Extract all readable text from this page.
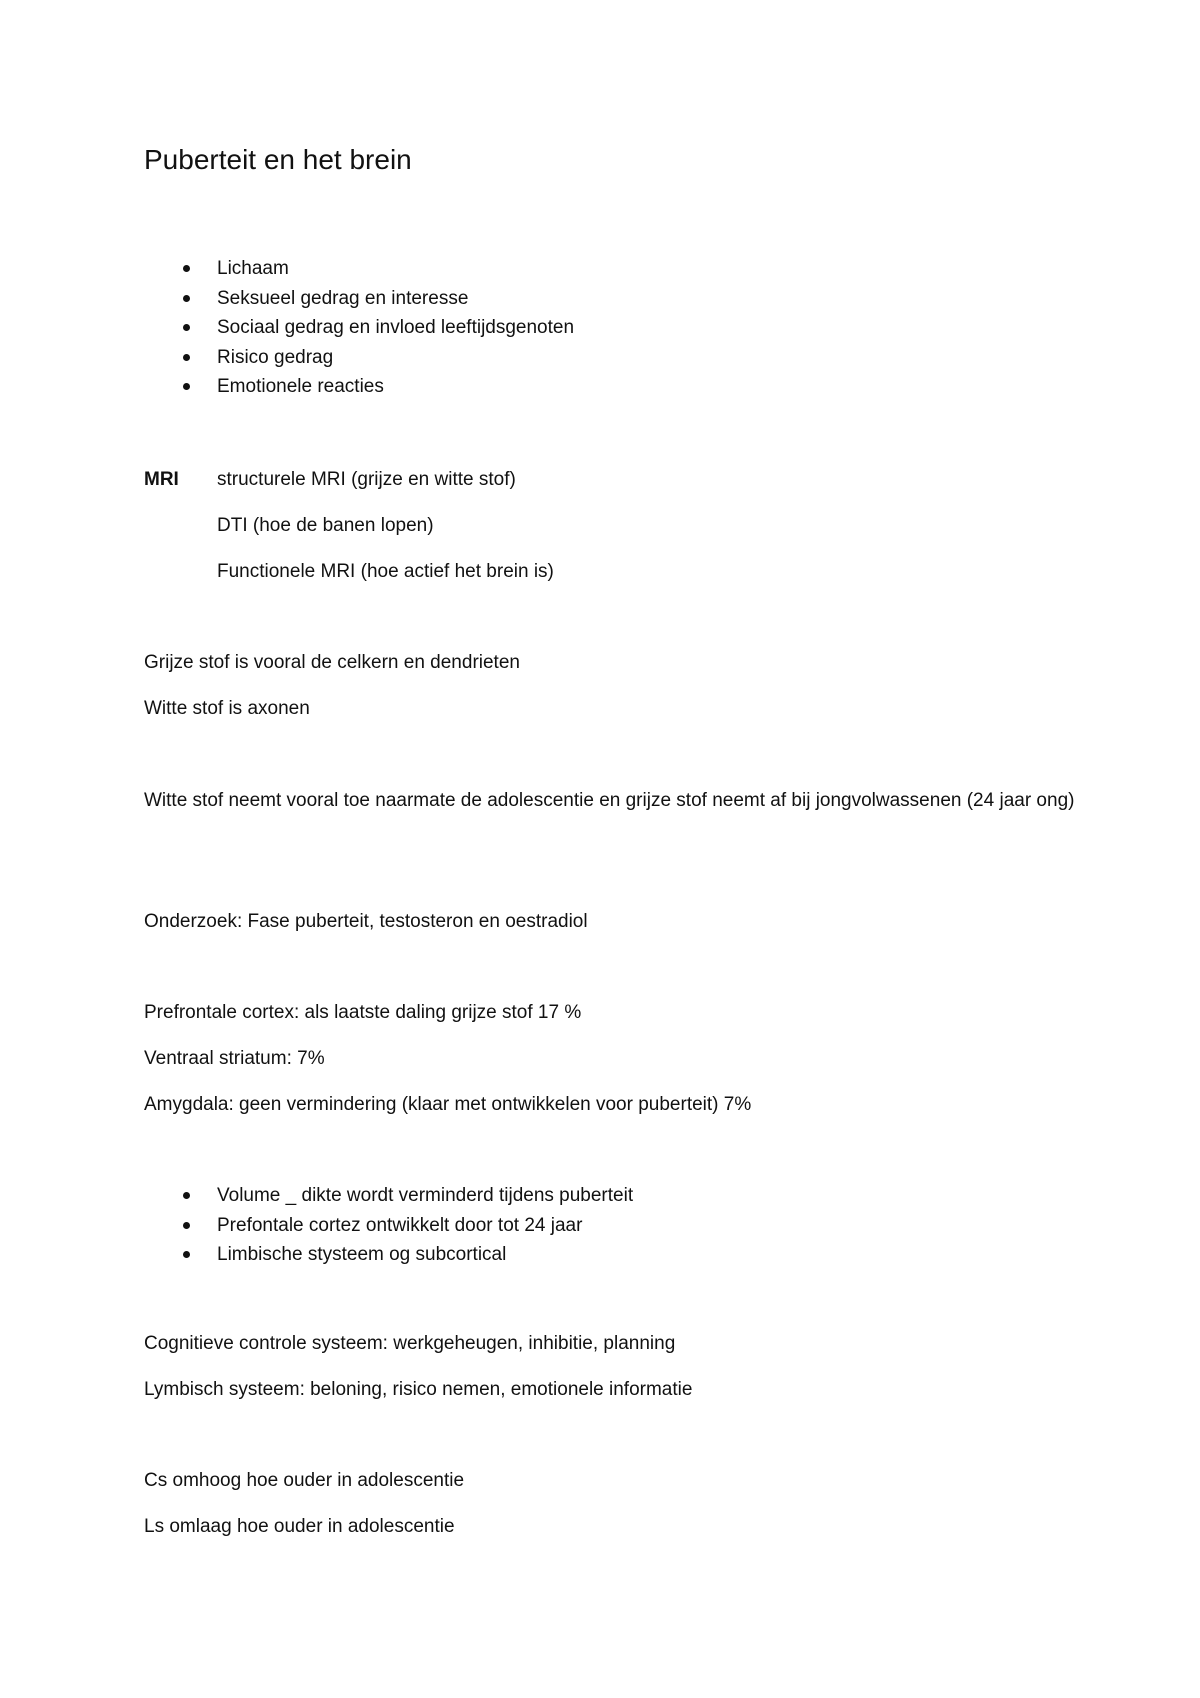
Puberteit en het brein
Lichaam
Seksueel gedrag en interesse
Sociaal gedrag en invloed leeftijdsgenoten
Risico gedrag
Emotionele reacties
MRI structurele MRI (grijze en witte stof)
DTI (hoe de banen lopen)
Functionele MRI (hoe actief het brein is)
Grijze stof is vooral de celkern en dendrieten
Witte stof is axonen
Witte stof neemt vooral toe naarmate de adolescentie en grijze stof neemt af bij jongvolwassenen (24 jaar ong)
Onderzoek: Fase puberteit, testosteron en oestradiol
Prefrontale cortex: als laatste daling grijze stof 17 %
Ventraal striatum: 7%
Amygdala: geen vermindering (klaar met ontwikkelen voor puberteit) 7%
Volume _ dikte wordt verminderd tijdens puberteit
Prefontale cortez ontwikkelt door tot 24 jaar
Limbische stysteem og subcortical
Cognitieve controle systeem: werkgeheugen, inhibitie, planning
Lymbisch systeem: beloning, risico nemen, emotionele informatie
Cs omhoog hoe ouder in adolescentie
Ls omlaag hoe ouder in adolescentie
